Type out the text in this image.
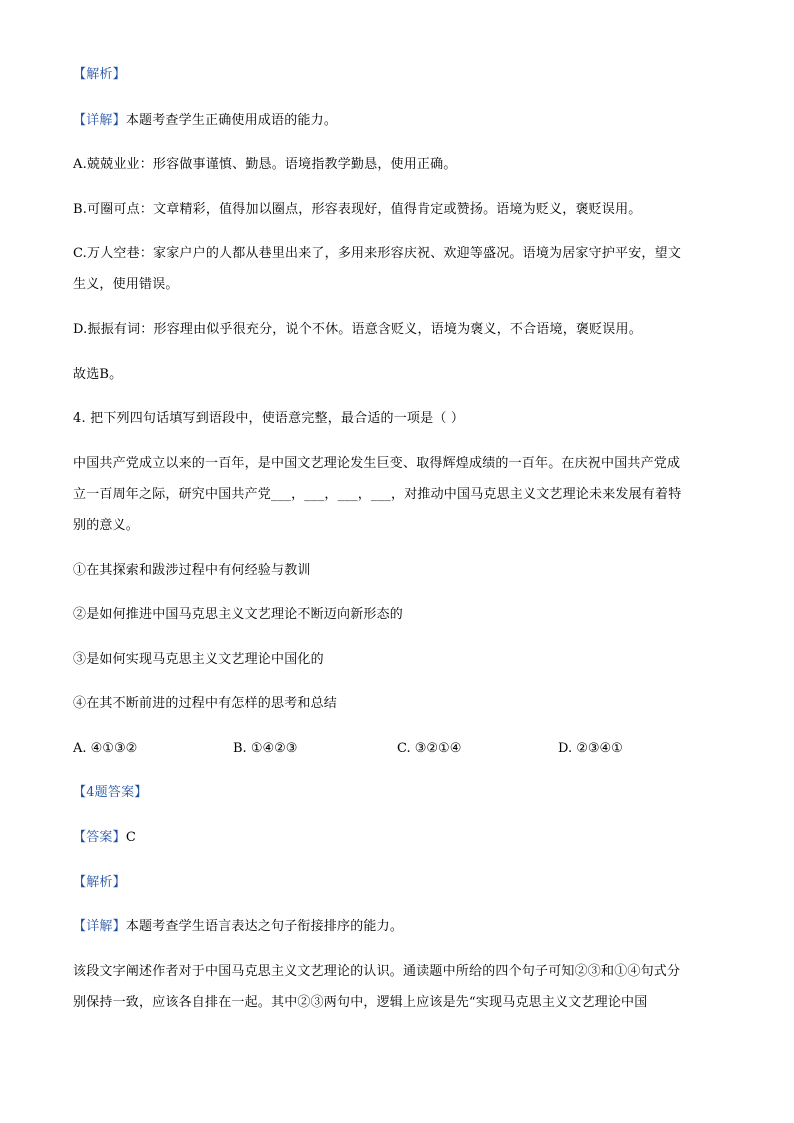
【解析】
【详解】本题考查学生正确使用成语的能力。
A.兢兢业业：形容做事谨慎、勤恳。语境指教学勤恳，使用正确。
B.可圈可点：文章精彩，值得加以圈点，形容表现好，值得肯定或赞扬。语境为贬义，褒贬误用。
C.万人空巷：家家户户的人都从巷里出来了，多用来形容庆祝、欢迎等盛况。语境为居家守护平安，望文
生义，使用错误。
D.振振有词：形容理由似乎很充分，说个不休。语意含贬义，语境为褒义，不合语境，褒贬误用。
故选B。
4. 把下列四句话填写到语段中，使语意完整，最合适的一项是（ ）
中国共产党成立以来的一百年，是中国文艺理论发生巨变、取得辉煌成绩的一百年。在庆祝中国共产党成
立一百周年之际，研究中国共产党___，___，___，___，对推动中国马克思主义文艺理论未来发展有着特
别的意义。
①在其探索和跋涉过程中有何经验与教训
②是如何推进中国马克思主义文艺理论不断迈向新形态的
③是如何实现马克思主义文艺理论中国化的
④在其不断前进的过程中有怎样的思考和总结
A. ④①③②	B. ①④②③	C. ③②①④	D. ②③④①
【4题答案】
【答案】C
【解析】
【详解】本题考查学生语言表达之句子衔接排序的能力。
该段文字阐述作者对于中国马克思主义文艺理论的认识。通读题中所给的四个句子可知②③和①④句式分
别保持一致，应该各自排在一起。其中②③两句中，逻辑上应该是先“实现马克思主义文艺理论中国
